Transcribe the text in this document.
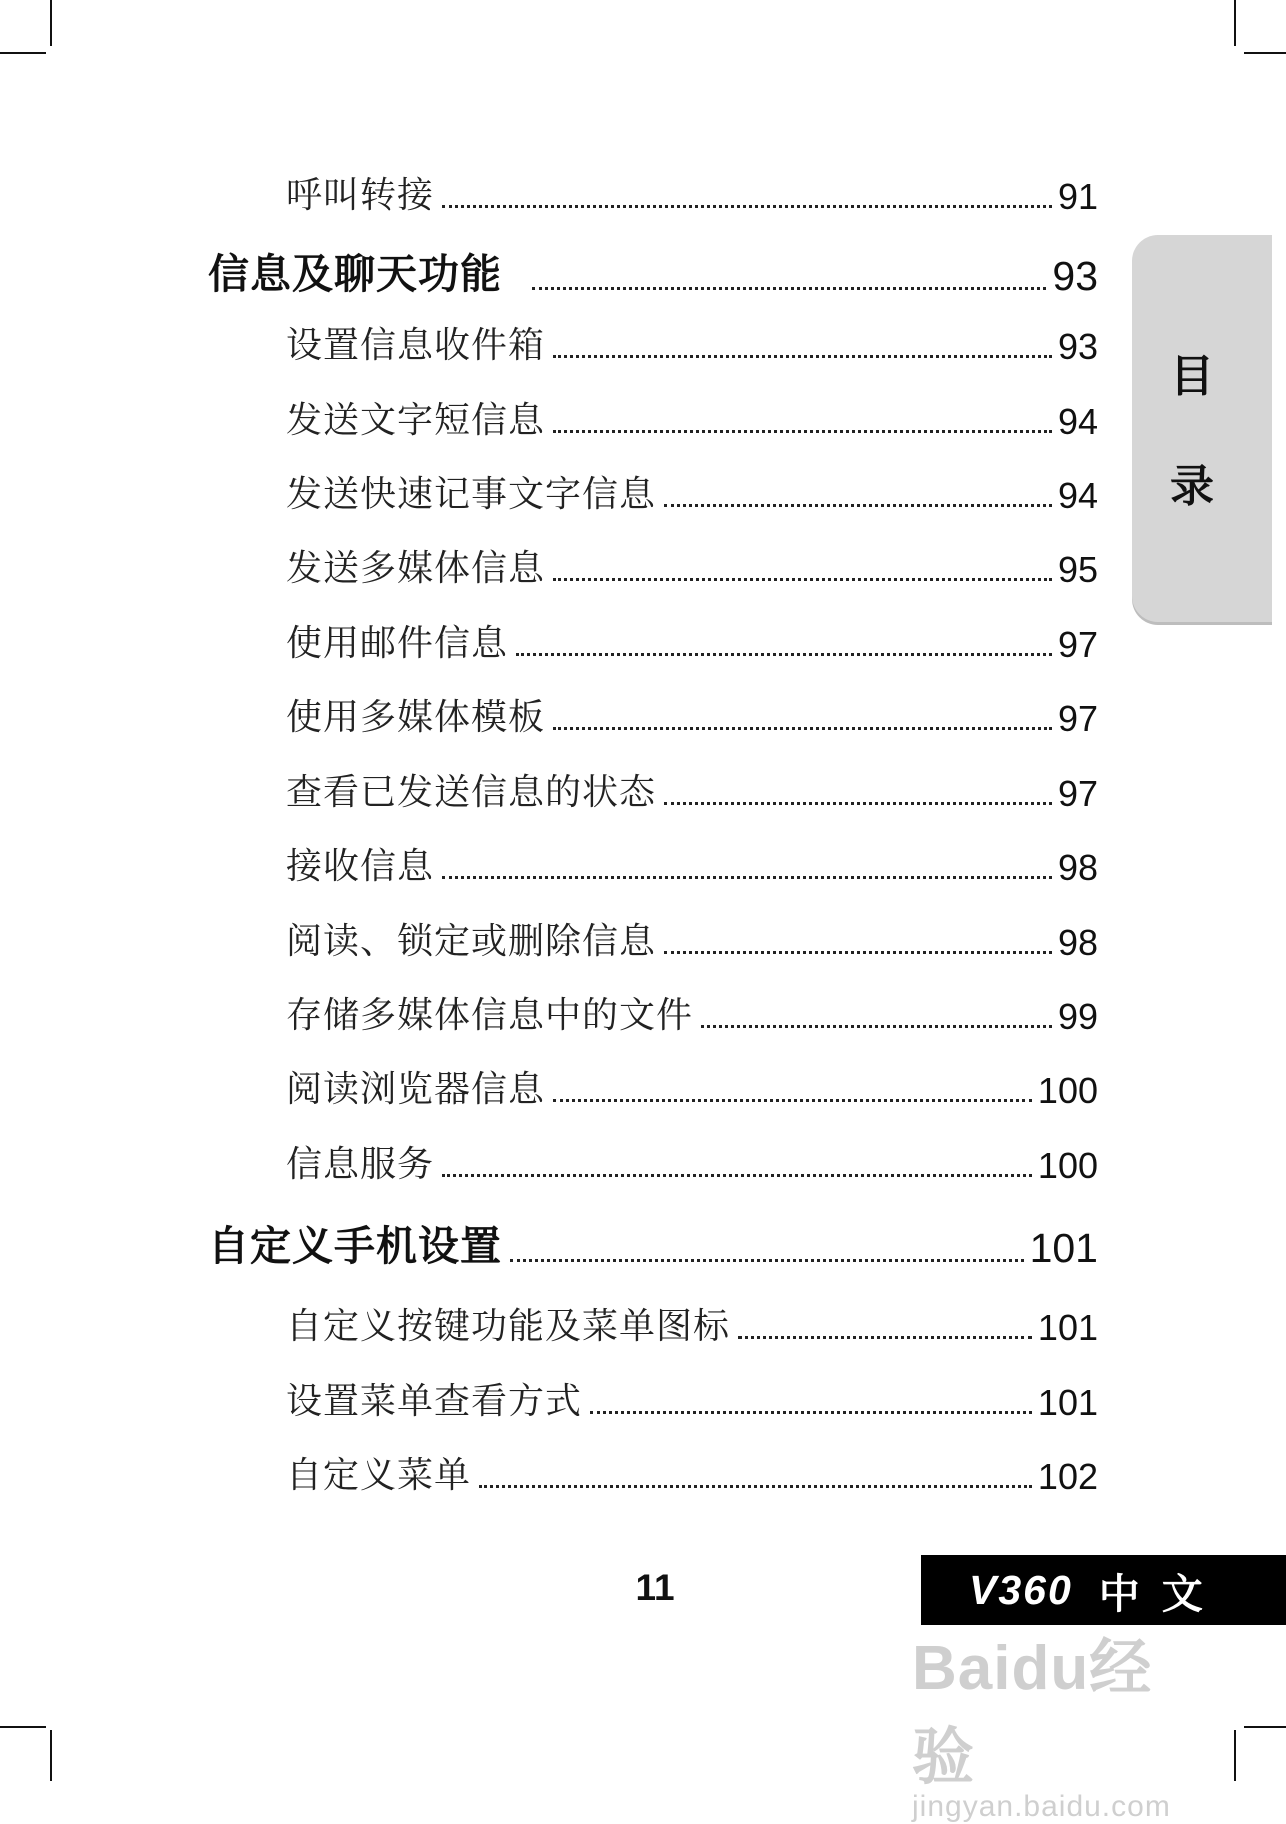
呼叫转接	91
信息及聊天功能	93
设置信息收件箱	93
发送文字短信息	94
发送快速记事文字信息	94
发送多媒体信息	95
使用邮件信息	97
使用多媒体模板	97
查看已发送信息的状态	97
接收信息	98
阅读、锁定或删除信息	98
存储多媒体信息中的文件	99
阅读浏览器信息	100
信息服务	100
自定义手机设置	101
自定义按键功能及菜单图标	101
设置菜单查看方式	101
自定义菜单	102
目
录
11	V360 中文
Baidu经验
jingyan.baidu.com
